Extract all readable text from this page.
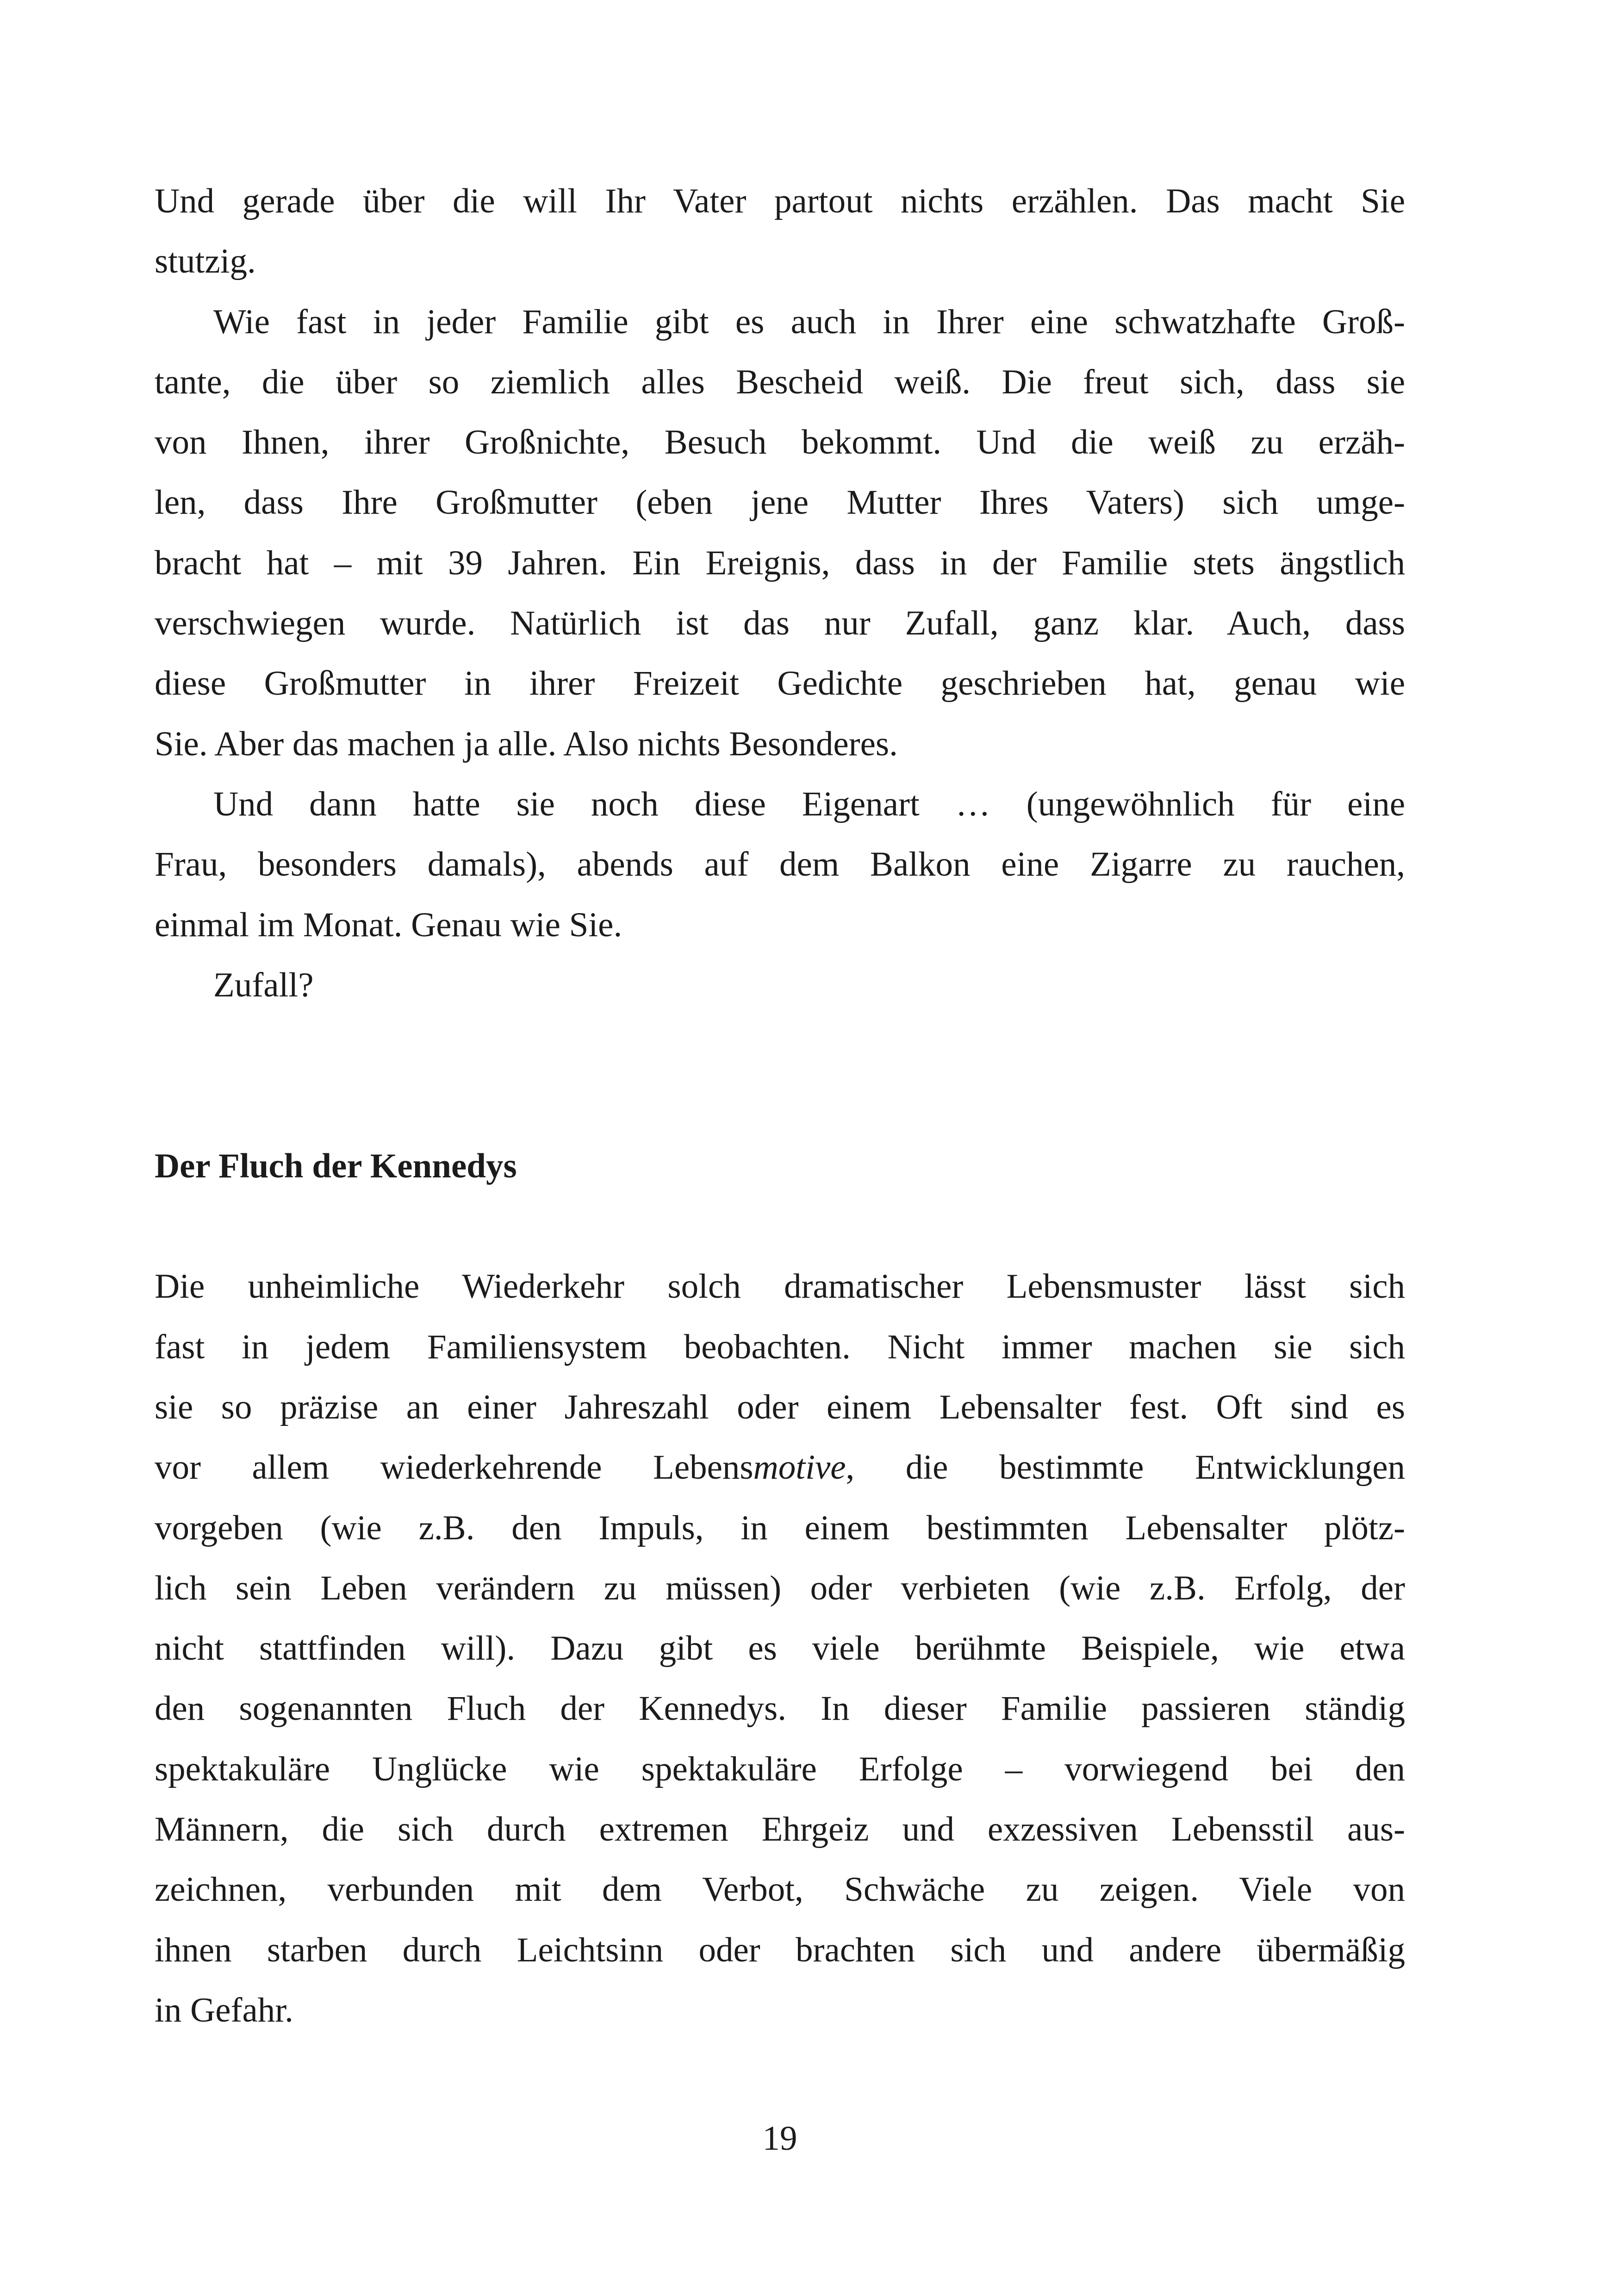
Und gerade über die will Ihr Vater partout nichts erzählen. Das macht Sie
stutzig.
Wie fast in jeder Familie gibt es auch in Ihrer eine schwatzhafte Groß-
tante, die über so ziemlich alles Bescheid weiß. Die freut sich, dass sie
von Ihnen, ihrer Großnichte, Besuch bekommt. Und die weiß zu erzäh-
len, dass Ihre Großmutter (eben jene Mutter Ihres Vaters) sich umge-
bracht hat – mit 39 Jahren. Ein Ereignis, dass in der Familie stets ängstlich
verschwiegen wurde. Natürlich ist das nur Zufall, ganz klar. Auch, dass
diese Großmutter in ihrer Freizeit Gedichte geschrieben hat, genau wie
Sie. Aber das machen ja alle. Also nichts Besonderes.
Und dann hatte sie noch diese Eigenart … (ungewöhnlich für eine
Frau, besonders damals), abends auf dem Balkon eine Zigarre zu rauchen,
einmal im Monat. Genau wie Sie.
Zufall?
Der Fluch der Kennedys
Die unheimliche Wiederkehr solch dramatischer Lebensmuster lässt sich
fast in jedem Familiensystem beobachten. Nicht immer machen sie sich
sie so präzise an einer Jahreszahl oder einem Lebensalter fest. Oft sind es
vor allem wiederkehrende Lebensmotive, die bestimmte Entwicklungen
vorgeben (wie z.B. den Impuls, in einem bestimmten Lebensalter plötz-
lich sein Leben verändern zu müssen) oder verbieten (wie z.B. Erfolg, der
nicht stattfinden will). Dazu gibt es viele berühmte Beispiele, wie etwa
den sogenannten Fluch der Kennedys. In dieser Familie passieren ständig
spektakuläre Unglücke wie spektakuläre Erfolge – vorwiegend bei den
Männern, die sich durch extremen Ehrgeiz und exzessiven Lebensstil aus-
zeichnen, verbunden mit dem Verbot, Schwäche zu zeigen. Viele von
ihnen starben durch Leichtsinn oder brachten sich und andere übermäßig
in Gefahr.
19
